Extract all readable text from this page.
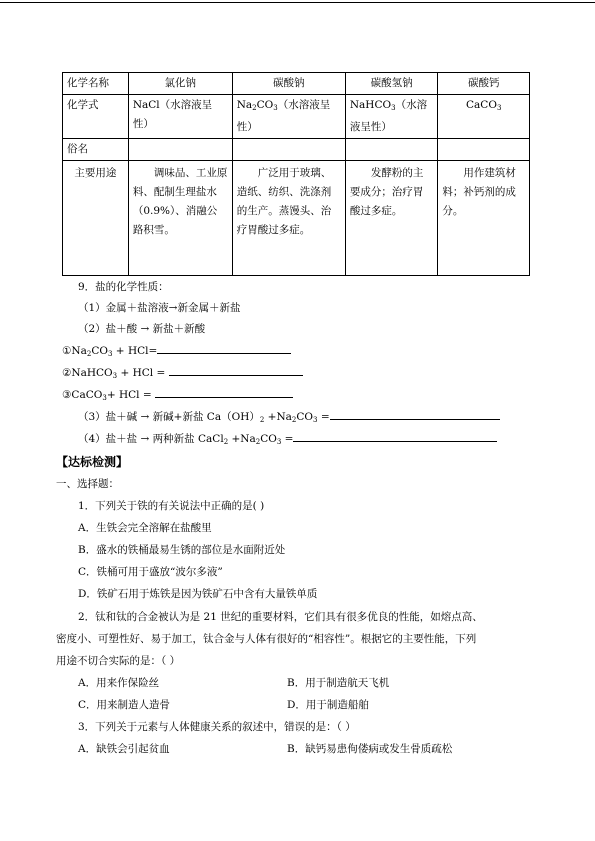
化学名称	氯化钠	碳酸钠	碳酸氢钠	碳酸钙
化学式	NaCl（水溶液呈性）	$Na_2CO_3$（水溶液呈性）	NaHCO$_3$（水溶液呈性）	CaCO$_3$
俗名				
主要用途	调味品、工业原料、配制生理盐水（0.9%）、消融公路积雪。	广泛用于玻璃、造纸、纺织、洗涤剂的生产。蒸馒头、治疗胃酸过多症。	发酵粉的主要成分；治疗胃酸过多症。	用作建筑材料；补钙剂的成分。
9．盐的化学性质：
（1）金属＋盐溶液→新金属＋新盐
（2）盐＋酸 → 新盐＋新酸
$①Na_2CO_3 + HCl=$
②NaHCO$_3$ + HCl =
③CaCO$_3$+ HCl =
（3）盐＋碱 → 新碱+新盐 $Ca(OH)_2 +Na_2CO_3$ =
（4）盐＋盐 → 两种新盐 CaCl$_2$ $+Na_2CO_3$ =
【达标检测】
一、选择题：
1．下列关于铁的有关说法中正确的是( )
A．生铁会完全溶解在盐酸里
B．盛水的铁桶最易生锈的部位是水面附近处
C．铁桶可用于盛放“波尔多液”
D．铁矿石用于炼铁是因为铁矿石中含有大量铁单质
2．钛和钛的合金被认为是 21 世纪的重要材料，它们具有很多优良的性能，如熔点高、
密度小、可塑性好、易于加工，钛合金与人体有很好的“相容性”。根据它的主要性能，下列
用途不切合实际的是：（ ）
A．用来作保险丝	B．用于制造航天飞机
C．用来制造人造骨	D．用于制造船舶
3．下列关于元素与人体健康关系的叙述中，错误的是：（ ）
A．缺铁会引起贫血	B．缺钙易患佝偻病或发生骨质疏松
